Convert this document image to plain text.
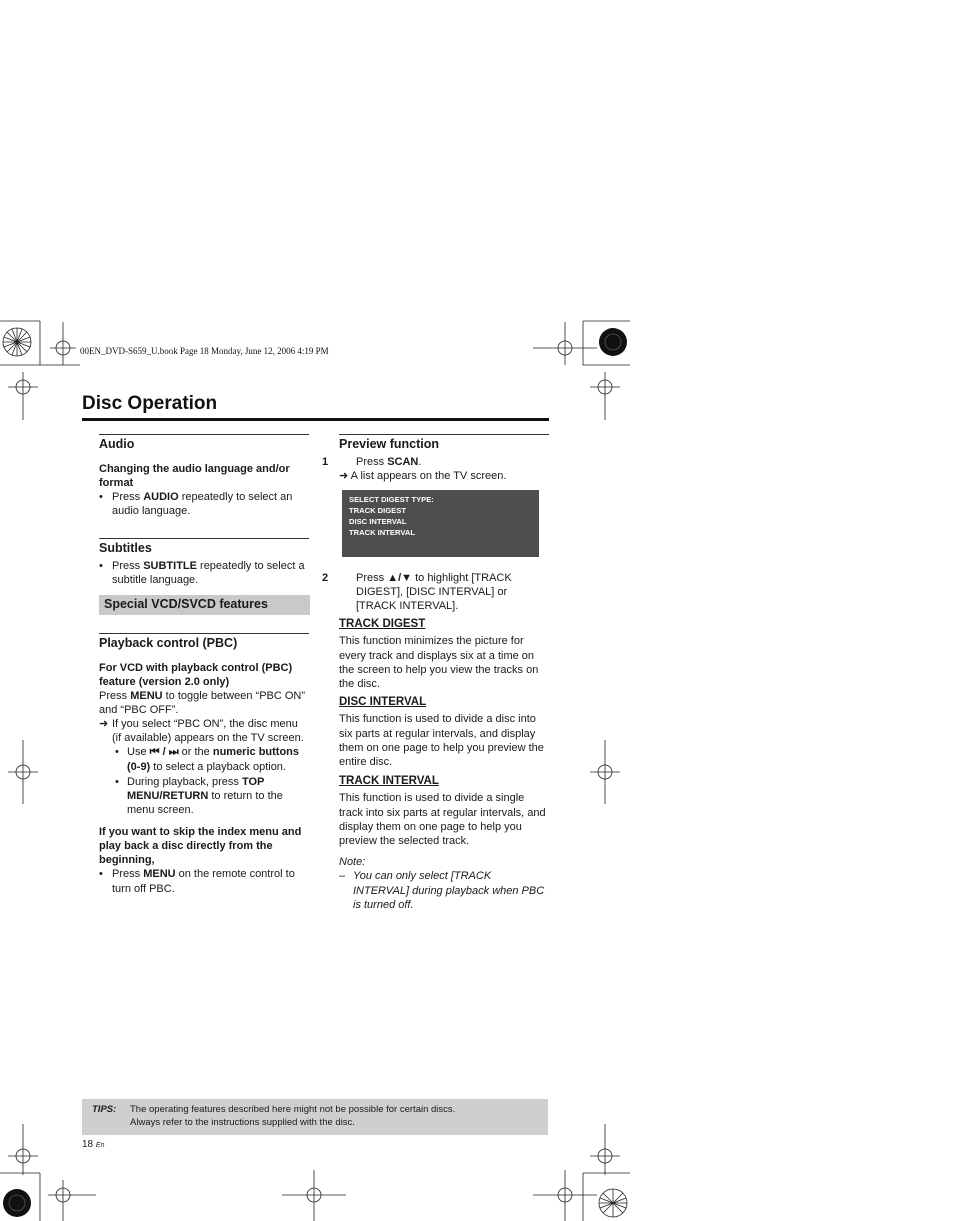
00EN_DVD-S659_U.book Page 18 Monday, June 12, 2006 4:19 PM
Disc Operation
Audio
Changing the audio language and/or format
• Press AUDIO repeatedly to select an audio language.
Subtitles
• Press SUBTITLE repeatedly to select a subtitle language.
Special VCD/SVCD features
Playback control (PBC)
For VCD with playback control (PBC) feature (version 2.0 only)
Press MENU to toggle between “PBC ON” and “PBC OFF”.
➜ If you select “PBC ON”, the disc menu (if available) appears on the TV screen.
• Use ⏮ / ⏭ or the numeric buttons (0-9) to select a playback option.
• During playback, press TOP MENU/RETURN to return to the menu screen.
If you want to skip the index menu and play back a disc directly from the beginning,
• Press MENU on the remote control to turn off PBC.
Preview function
1	Press SCAN.
➜ A list appears on the TV screen.
SELECT DIGEST TYPE:
TRACK DIGEST
DISC INTERVAL
TRACK INTERVAL
2	Press ▲/▼ to highlight [TRACK DIGEST], [DISC INTERVAL] or [TRACK INTERVAL].
TRACK DIGEST
This function minimizes the picture for every track and displays six at a time on the screen to help you view the tracks on the disc.
DISC INTERVAL
This function is used to divide a disc into six parts at regular intervals, and display them on one page to help you preview the entire disc.
TRACK INTERVAL
This function is used to divide a single track into six parts at regular intervals, and display them on one page to help you preview the selected track.
Note:
– You can only select [TRACK INTERVAL] during playback when PBC is turned off.
TIPS: The operating features described here might not be possible for certain discs.
Always refer to the instructions supplied with the disc.
18 En
